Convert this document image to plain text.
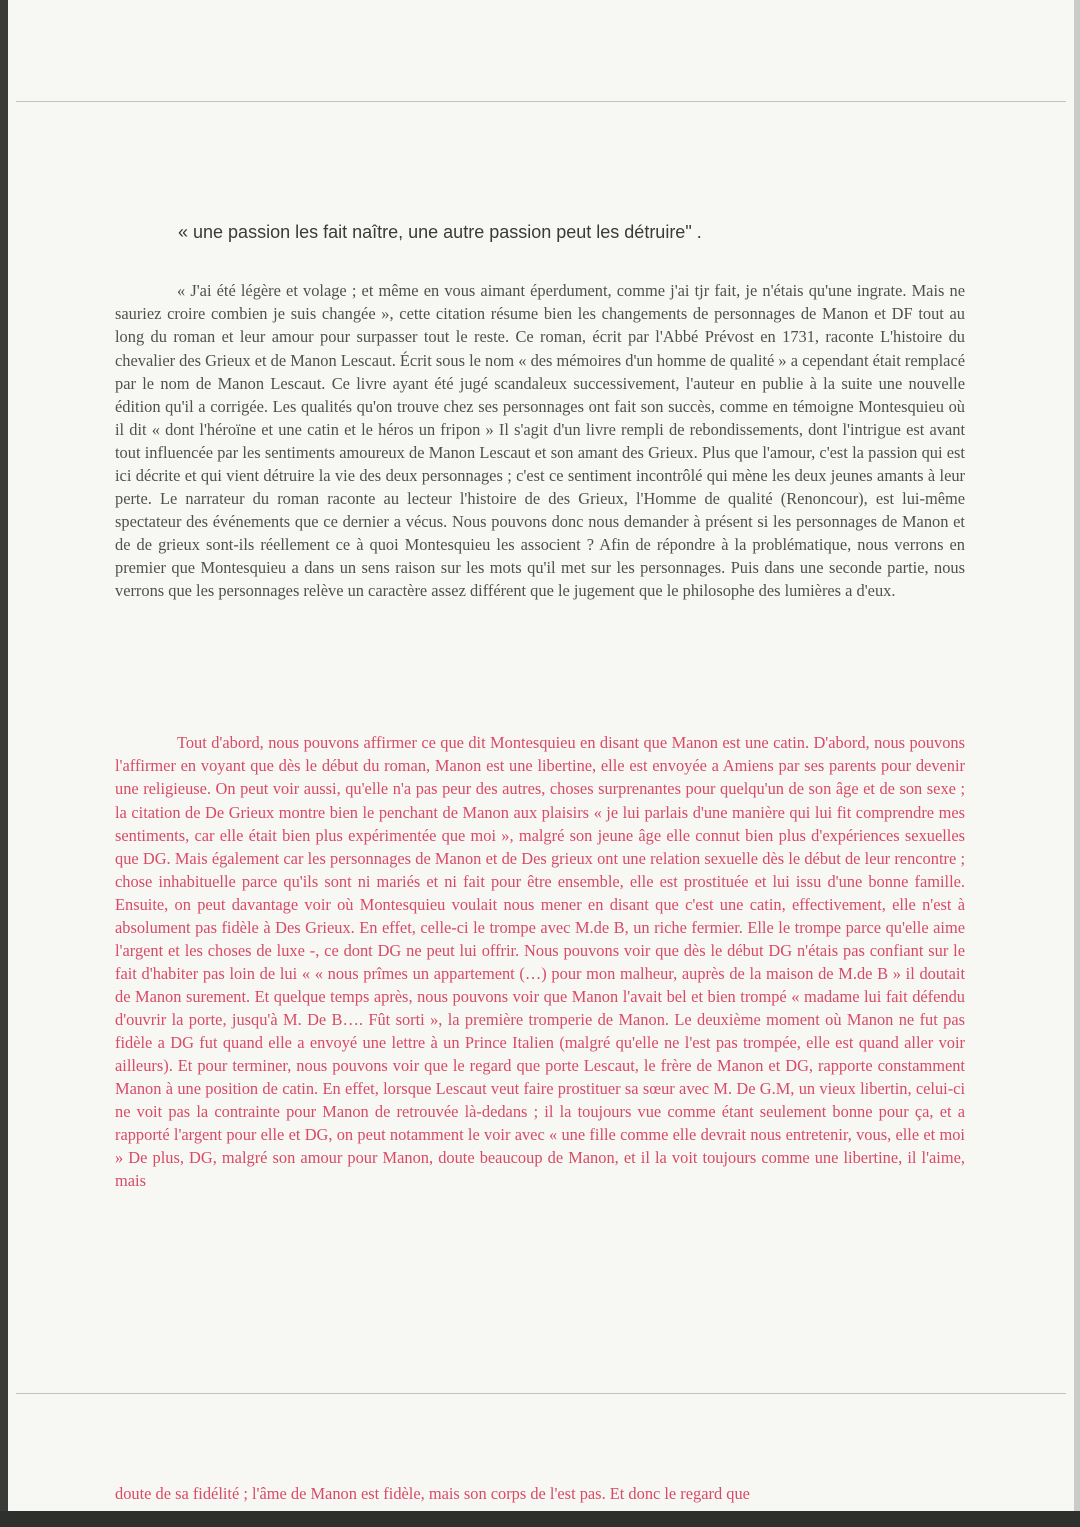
« une passion les fait naître, une autre passion peut les détruire" .

« J'ai été légère et volage ; et même en vous aimant éperdument, comme j'ai tjr fait, je n'étais qu'une ingrate. Mais ne sauriez croire combien je suis changée », cette citation résume bien les changements de personnages de Manon et DF tout au long du roman et leur amour pour surpasser tout le reste. Ce roman, écrit par l'Abbé Prévost en 1731, raconte L'histoire du chevalier des Grieux et de Manon Lescaut. Écrit sous le nom « des mémoires d'un homme de qualité » a cependant était remplacé par le nom de Manon Lescaut. Ce livre ayant été jugé scandaleux successivement, l'auteur en publie à la suite une nouvelle édition qu'il a corrigée. Les qualités qu'on trouve chez ses personnages ont fait son succès, comme en témoigne Montesquieu où il dit « dont l'héroïne et une catin et le héros un fripon » Il s'agit d'un livre rempli de rebondissements, dont l'intrigue est avant tout influencée par les sentiments amoureux de Manon Lescaut et son amant des Grieux. Plus que l'amour, c'est la passion qui est ici décrite et qui vient détruire la vie des deux personnages ; c'est ce sentiment incontrôlé qui mène les deux jeunes amants à leur perte. Le narrateur du roman raconte au lecteur l'histoire de des Grieux, l'Homme de qualité (Renoncour), est lui-même spectateur des événements que ce dernier a vécus. Nous pouvons donc nous demander à présent si les personnages de Manon et de de grieux sont-ils réellement ce à quoi Montesquieu les associent ? Afin de répondre à la problématique, nous verrons en premier que Montesquieu a dans un sens raison sur les mots qu'il met sur les personnages. Puis dans une seconde partie, nous verrons que les personnages relève un caractère assez différent que le jugement que le philosophe des lumières a d'eux.

Tout d'abord, nous pouvons affirmer ce que dit Montesquieu en disant que Manon est une catin. D'abord, nous pouvons l'affirmer en voyant que dès le début du roman, Manon est une libertine, elle est envoyée a Amiens par ses parents pour devenir une religieuse. On peut voir aussi, qu'elle n'a pas peur des autres, choses surprenantes pour quelqu'un de son âge et de son sexe ; la citation de De Grieux montre bien le penchant de Manon aux plaisirs « je lui parlais d'une manière qui lui fit comprendre mes sentiments, car elle était bien plus expérimentée que moi », malgré son jeune âge elle connut bien plus d'expériences sexuelles que DG. Mais également car les personnages de Manon et de Des grieux ont une relation sexuelle dès le début de leur rencontre ; chose inhabituelle parce qu'ils sont ni mariés et ni fait pour être ensemble, elle est prostituée et lui issu d'une bonne famille. Ensuite, on peut davantage voir où Montesquieu voulait nous mener en disant que c'est une catin, effectivement, elle n'est à absolument pas fidèle à Des Grieux. En effet, celle-ci le trompe avec M.de B, un riche fermier. Elle le trompe parce qu'elle aime l'argent et les choses de luxe -, ce dont DG ne peut lui offrir. Nous pouvons voir que dès le début DG n'étais pas confiant sur le fait d'habiter pas loin de lui « « nous prîmes un appartement (…) pour mon malheur, auprès de la maison de M.de B » il doutait de Manon surement. Et quelque temps après, nous pouvons voir que Manon l'avait bel et bien trompé « madame lui fait défendu d'ouvrir la porte, jusqu'à M. De B…. Fût sorti », la première tromperie de Manon. Le deuxième moment où Manon ne fut pas fidèle a DG fut quand elle a envoyé une lettre à un Prince Italien (malgré qu'elle ne l'est pas trompée, elle est quand aller voir ailleurs). Et pour terminer, nous pouvons voir que le regard que porte Lescaut, le frère de Manon et DG, rapporte constamment Manon à une position de catin. En effet, lorsque Lescaut veut faire prostituer sa sœur avec M. De G.M, un vieux libertin, celui-ci ne voit pas la contrainte pour Manon de retrouvée là-dedans ; il la toujours vue comme étant seulement bonne pour ça, et a rapporté l'argent pour elle et DG, on peut notamment le voir avec « une fille comme elle devrait nous entretenir, vous, elle et moi » De plus, DG, malgré son amour pour Manon, doute beaucoup de Manon, et il la voit toujours comme une libertine, il l'aime, mais

doute de sa fidélité ; l'âme de Manon est fidèle, mais son corps de l'est pas. Et donc le regard que
